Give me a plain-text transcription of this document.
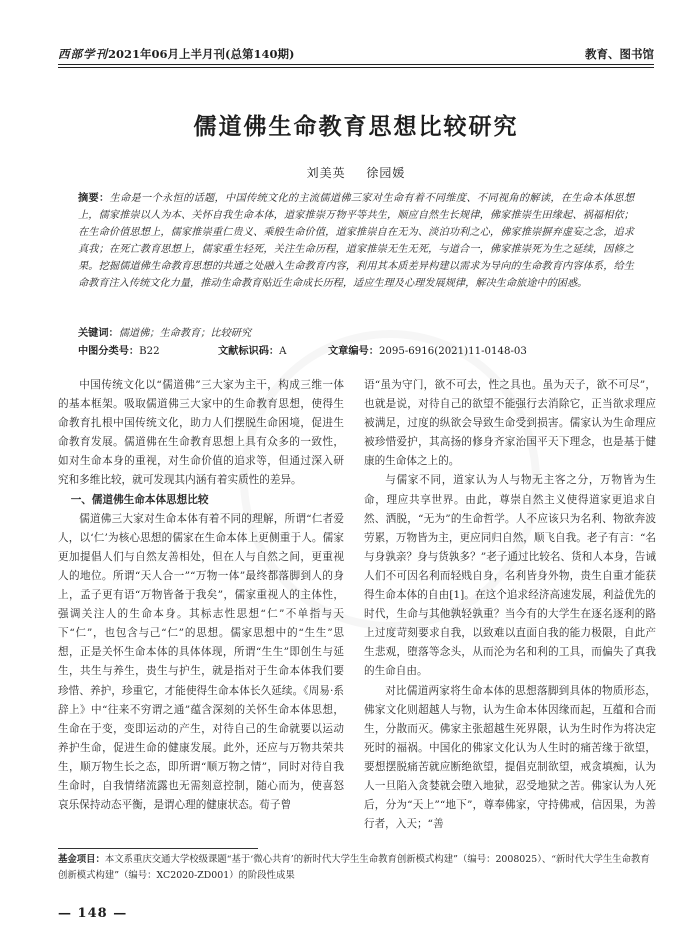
西部学刊2021年06月上半月刊(总第140期)	教育、图书馆
儒道佛生命教育思想比较研究
刘美英 徐园媛
摘要：生命是一个永恒的话题，中国传统文化的主流儒道佛三家对生命有着不同维度、不同视角的解读，在生命本体思想上，儒家推崇以人为本、关怀自我生命本体，道家推崇万物平等共生，顺应自然生长规律，佛家推崇生田缘起、祸福相依；在生命价值思想上，儒家推崇重仁贵义、乘般生命价值，道家推崇自在无为、淡泊功利之心，佛家推崇摒弃虚妄之念，追求真我；在死亡教育思想上，儒家重生轻死，关注生命历程，道家推崇无生无死，与道合一，佛家推崇死为生之延续，因修之果。挖掘儒道佛生命教育思想的共通之处融入生命教育内容，利用其本质差异构建以需求为导向的生命教育内容体系，给生命教育注入传统文化力量，推动生命教育贴近生命成长历程，适应生理及心理发展规律，解决生命旅途中的困惑。
关键词：儒道佛；生命教育；比较研究
中图分类号：B22	文献标识码：A	文章编号：2095-6916(2021)11-0148-03

中国传统文化以“儒道佛”三大家为主干，构成三维一体的基本框架。吸取儒道佛三大家中的生命教育思想，使得生命教育扎根中国传统文化，助力人们摆脱生命困境，促进生命教育发展。儒道佛在生命教育思想上具有众多的一致性，如对生命本身的重视，对生命价值的追求等，但通过深入研究和多维比较，就可发现其内涵有着实质性的差异。

一、儒道佛生命本体思想比较

儒道佛三大家对生命本体有着不同的理解，所谓“仁者爱人，以‘仁’为核心思想的儒家在生命本体上更侧重于人。儒家更加提倡人们与自然友善相处，但在人与自然之间，更重视人的地位。所谓“天人合一”“万物一体”最终都落脚到人的身上，孟子更有语“万物皆备于我矣”，儒家重视人的主体性，强调关注人的生命本身。其标志性思想“仁”不单指与天下“仁”，也包含与己“仁”的思想。儒家思想中的“生生”思想，正是关怀生命本体的具体体现，所谓“生生”即创生与延生，共生与养生，贵生与护生，就是指对于生命本体我们要珍惜、养护，珍重它，才能使得生命本体长久延续。《周易·系辞上》中“往来不穷谓之通”蕴含深刻的关怀生命本体思想，生命在于变，变即运动的产生，对待自己的生命就要以运动养护生命，促进生命的健康发展。此外，还应与万物共荣共生，顺万物生长之态，即所谓“顺万物之情”，同时对待自我生命时，自我情绪流露也无需刻意控制，随心而为，使喜怒哀乐保持动态平衡，是谓心理的健康状态。荀子曾

语“虽为守门，欲不可去，性之具也。虽为天子，欲不可尽”，也就是说，对待自己的欲望不能强行去消除它，正当欲求理应被满足，过度的纵欲会导致生命受到损害。儒家认为生命理应被珍惜爱护，其高扬的修身齐家治国平天下理念，也是基于健康的生命体之上的。

与儒家不同，道家认为人与物无主客之分，万物皆为生命，理应共享世界。由此，尊崇自然主义使得道家更追求自然、洒脱，“无为”的生命哲学。人不应该只为名利、物欲奔波劳累，万物皆为主，更应同归自然，顺飞自我。老子有言：“名与身孰亲？身与货孰多？”老子通过比较名、货和人本身，告诫人们不可因名利而轻贱自身，名利皆身外物，贵生自重才能获得生命本体的自由[1]。在这个追求经济高速发展，利益优先的时代，生命与其他孰轻孰重？当今有的大学生在逐名逐利的路上过度苛刻要求自我，以致难以直面自我的能力极限，自此产生悲观，堕落等念头，从而沦为名和利的工具，而偏失了真我的生命自由。

对比儒道两家将生命本体的思想落脚到具体的物质形态，佛家文化则超越人与物，认为生命本体因缘而起，互蕴和合而生，分散而灭。佛家主张超越生死界限，认为生时作为将决定死时的福祸。中国化的佛家文化认为人生时的痛苦缘于欲望，要想摆脱痛苦就应断绝欲望，提倡克制欲望，戒贪填痴，认为人一旦陷入贪婪就会堕入地狱，忍受地狱之苦。佛家认为人死后，分为“天上”“地下”，尊奉佛家，守持佛戒，信因果，为善行者，入天；“善

基金项目：本文系重庆交通大学校级课题“基于‘微心共育’的新时代大学生生命教育创新模式构建”（编号：2008025）、“新时代大学生生命教育创新模式构建”（编号：XC2020-ZD001）的阶段性成果
— 148 —
